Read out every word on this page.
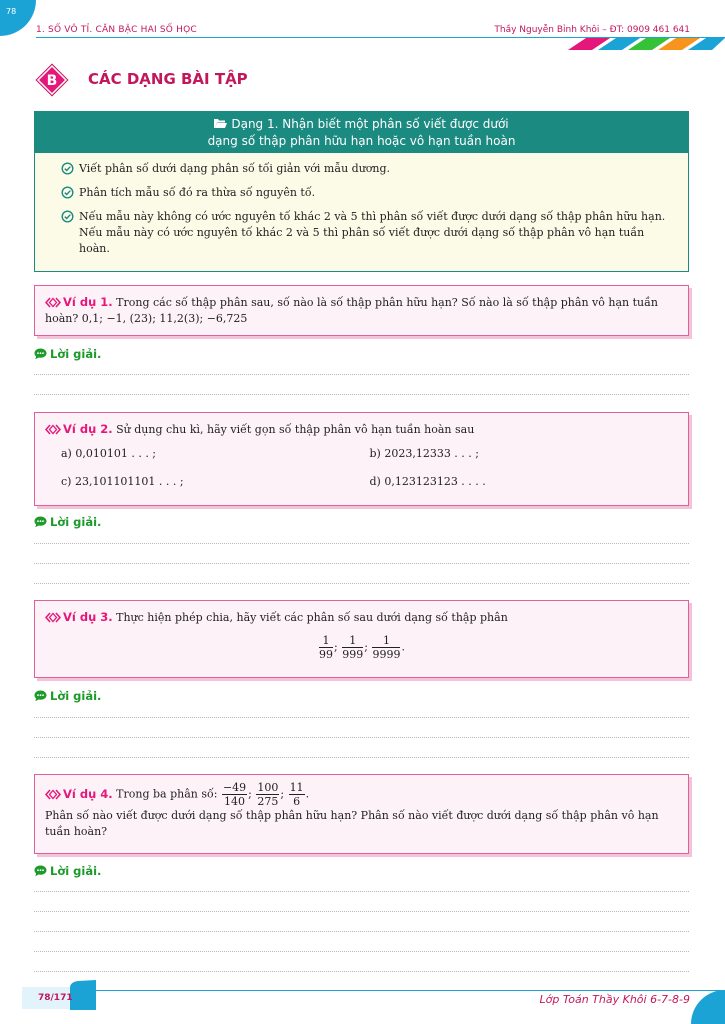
78
1. SỐ VÔ TỈ. CĂN BẬC HAI SỐ HỌC	Thầy Nguyễn Bỉnh Khôi – ĐT: 0909 461 641
B CÁC DẠNG BÀI TẬP
Dạng 1. Nhận biết một phân số viết được dưới
dạng số thập phân hữu hạn hoặc vô hạn tuần hoàn
Viết phân số dưới dạng phân số tối giản với mẫu dương.
Phân tích mẫu số đó ra thừa số nguyên tố.
Nếu mẫu này không có ước nguyên tố khác 2 và 5 thì phân số viết được dưới dạng số thập phân hữu hạn. Nếu mẫu này có ước nguyên tố khác 2 và 5 thì phân số viết được dưới dạng số thập phân vô hạn tuần hoàn.
Ví dụ 1. Trong các số thập phân sau, số nào là số thập phân hữu hạn? Số nào là số thập phân vô hạn tuần hoàn? 0,1; −1, (23); 11,2(3); −6,725
Lời giải.
Ví dụ 2. Sử dụng chu kì, hãy viết gọn số thập phân vô hạn tuần hoàn sau
a) 0,010101 . . . ;	b) 2023,12333 . . . ;
c) 23,101101101 . . . ;	d) 0,123123123 . . . .
Lời giải.
Ví dụ 3. Thực hiện phép chia, hãy viết các phân số sau dưới dạng số thập phân
$\frac{1}{99}$ ; $\frac{1}{999}$ ; $\frac{1}{9999}$ .
Lời giải.
Ví dụ 4. Trong ba phân số: $\frac{-49}{140}$ ; $\frac{100}{275}$ ; $\frac{11}{6}$ .
Phân số nào viết được dưới dạng số thập phân hữu hạn? Phân số nào viết được dưới dạng số thập phân vô hạn tuần hoàn?
Lời giải.
78/171	Lớp Toán Thầy Khôi 6-7-8-9
